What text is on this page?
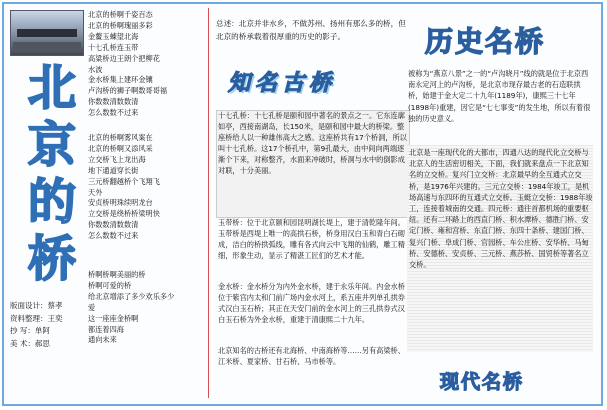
北京的桥
北京的桥啊千姿百态
北京的桥啊瑰丽多彩
金鳌玉蝀望北海
十七孔桥连玉带
高粱桥边王朗个把柳花
水波
金水桥集上建环金镶
卢沟桥的狮子啊数哥哥福
你数数清数数清
怎么数数不过来
北京的桥啊雾风案在
北京的桥啊又添风采
立交桥飞上龙出海
地下通道穿长街
三元桥翻越桥个飞翔飞
天外
安贞桥明珠续明龙台
立交桥是绕桥桥梁明快
你数数清数数清
怎么数数不过来
桥啊桥啊美丽的桥
桥啊可爱的桥
给北京增添了多少欢乐多少
爱
这一座座金桥啊
都连着四海
通向未来
版面设计：蔡孝
资料整理：王奕
抄 写：单阿
美 术：郝思
总述：北京并非水乡，不做苏州、扬州有那么多的桥，但北京的桥承载着很厚重的历史的影子。
知名古桥
十七孔桥：十七孔桥是颐和园中著名的景点之一。它东连廓如亭，西接南湖岛，长150米，是颐和园中最大的桥梁。整座桥给人以一种雄伟高大之感。这座桥共有17个桥洞，所以叫十七孔桥。这17个桥孔中，第9孔最大，由中间向两端逐渐个下来，对称整齐，水面来冲破时，桥洞与水中的倒影成对联，十分美丽。
玉带桥：位于北京颐和园昆明湖长堤上，建于清乾隆年间。玉带桥是西堤上唯一的高拱石桥，桥身用汉白玉和青白石砌成，洁白的桥拱弧线，雕有各式向云中飞翔的仙鹤，雕工精细，形象生动，显示了精湛工匠们的艺术才能。
金水桥：金水桥分为内外金水桥，建于永乐年间。内金水桥位于紫宫内太和门前广场内金水河上，系五座并列单孔拱券式汉白玉石桥；其正在天安门前的金水河上的三孔拱券式汉白玉石桥为外金水桥，重建于清康熙二十九年。
北京知名的古桥还有北海桥、中南海桥等……另有高梁桥、江米桥、夏家桥、甘石桥、马市桥等。
历史名桥
被称为“燕京八景”之一的“卢沟晓月”线的就是位于北京西南永定河上的卢沟桥，是北京市现存最古老的石造联拱桥，始建于金大定二十九年(1189年)，康熙三十七年(1898年)重建，因它是“七七事变”的发生地，所以有着很独的历史意义。
北京是一座现代化的大都市，四通八达的现代化立交桥与北京人的生活密切相关，下面，我们就来盘点一下北京知名的立交桥。复兴门立交桥：北京最早的全互通式立交桥，是1976年兴建的。三元立交桥：1984年竣工，是机场高速与东四环的互通式立交桥。玉蜓立交桥：1988年竣工，连接着城南的交通。四元桥：通往首都机场的重要枢纽。还有二环路上的西直门桥、积水潭桥、德胜门桥、安定门桥、雍和宫桥、东直门桥、东四十条桥、建国门桥、复兴门桥、阜成门桥、官园桥、车公庄桥、安华桥、马甸桥、安德桥、安贞桥、三元桥、燕莎桥、国贸桥等著名立交桥。
现代名桥
